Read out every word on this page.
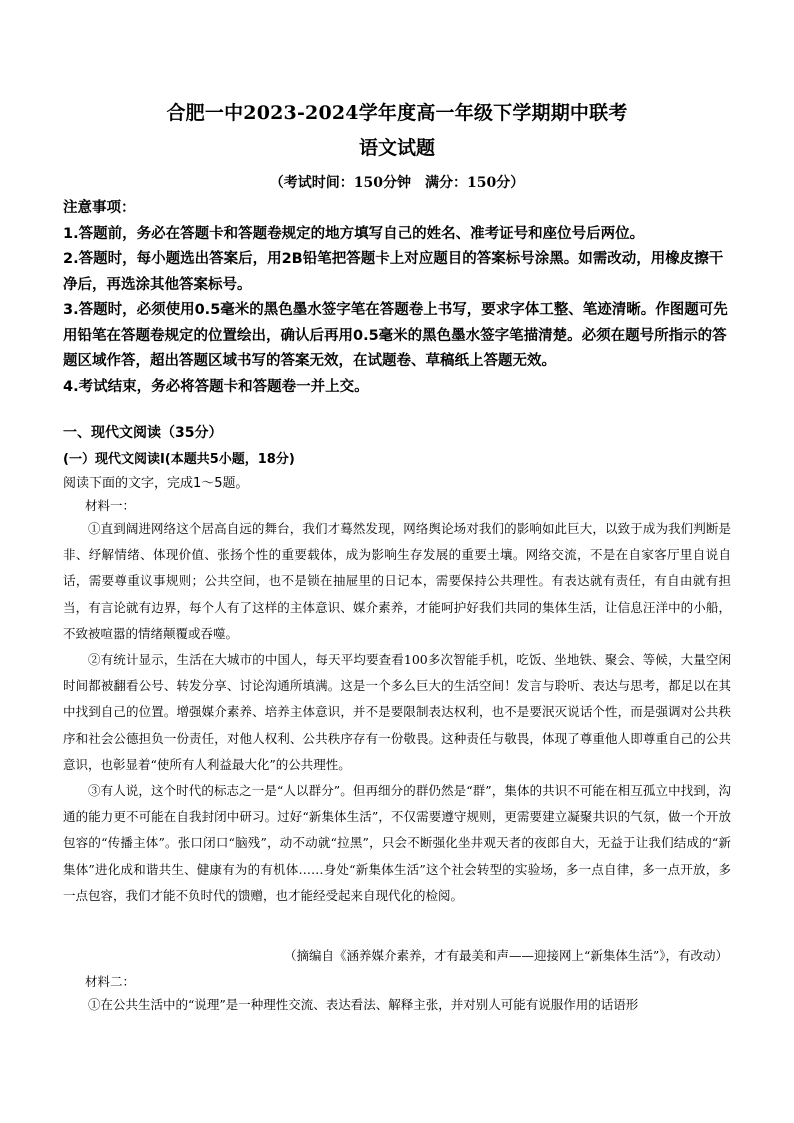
合肥一中2023-2024学年度高一年级下学期期中联考
语文试题
（考试时间：150分钟　满分：150分）

注意事项：

1.答题前，务必在答题卡和答题卷规定的地方填写自己的姓名、准考证号和座位号后两位。

2.答题时，每小题选出答案后，用2B铅笔把答题卡上对应题目的答案标号涂黑。如需改动，用橡皮擦干净后，再选涂其他答案标号。

3.答题时，必须使用0.5毫米的黑色墨水签字笔在答题卷上书写，要求字体工整、笔迹清晰。作图题可先用铅笔在答题卷规定的位置绘出，确认后再用0.5毫米的黑色墨水签字笔描清楚。必须在题号所指示的答题区域作答，超出答题区域书写的答案无效，在试题卷、草稿纸上答题无效。

4.考试结束，务必将答题卡和答题卷一并上交。

一、现代文阅读（35分）
(一）现代文阅读Ⅰ(本题共5小题，18分)
阅读下面的文字，完成1～5题。
材料一：

①直到阔进网络这个居高自远的舞台，我们才蓦然发现，网络舆论场对我们的影响如此巨大，以致于成为我们判断是非、纾解情绪、体现价值、张扬个性的重要载体，成为影响生存发展的重要土壤。网络交流，不是在自家客厅里自说自话，需要尊重议事规则；公共空间，也不是锁在抽屉里的日记本，需要保持公共理性。有表达就有责任，有自由就有担当，有言论就有边界，每个人有了这样的主体意识、媒介素养，才能呵护好我们共同的集体生活，让信息汪洋中的小船，不致被喧嚣的情绪颠覆或吞噬。

②有统计显示，生活在大城市的中国人，每天平均要查看100多次智能手机，吃饭、坐地铁、聚会、等候，大量空闲时间都被翻看公号、转发分享、讨论沟通所填满。这是一个多么巨大的生活空间！发言与聆听、表达与思考，都足以在其中找到自己的位置。增强媒介素养、培养主体意识，并不是要限制表达权利，也不是要泯灭说话个性，而是强调对公共秩序和社会公德担负一份责任，对他人权利、公共秩序存有一份敬畏。这种责任与敬畏，体现了尊重他人即尊重自己的公共意识，也彰显着“使所有人利益最大化”的公共理性。

③有人说，这个时代的标志之一是“人以群分”。但再细分的群仍然是“群”，集体的共识不可能在相互孤立中找到，沟通的能力更不可能在自我封闭中研习。过好“新集体生活”，不仅需要遵守规则，更需要建立凝聚共识的气氛，做一个开放包容的“传播主体”。张口闭口“脑残”，动不动就“拉黑”，只会不断强化坐井观天者的夜郎自大，无益于让我们结成的“新集体”进化成和谐共生、健康有为的有机体……身处“新集体生活”这个社会转型的实验场，多一点自律，多一点开放，多一点包容，我们才能不负时代的馈赠，也才能经受起来自现代化的检阅。

（摘编自《涵养媒介素养，才有最美和声——迎接网上“新集体生活”》，有改动）
材料二：

①在公共生活中的“说理”是一种理性交流、表达看法、解释主张，并对别人可能有说服作用的话语形
